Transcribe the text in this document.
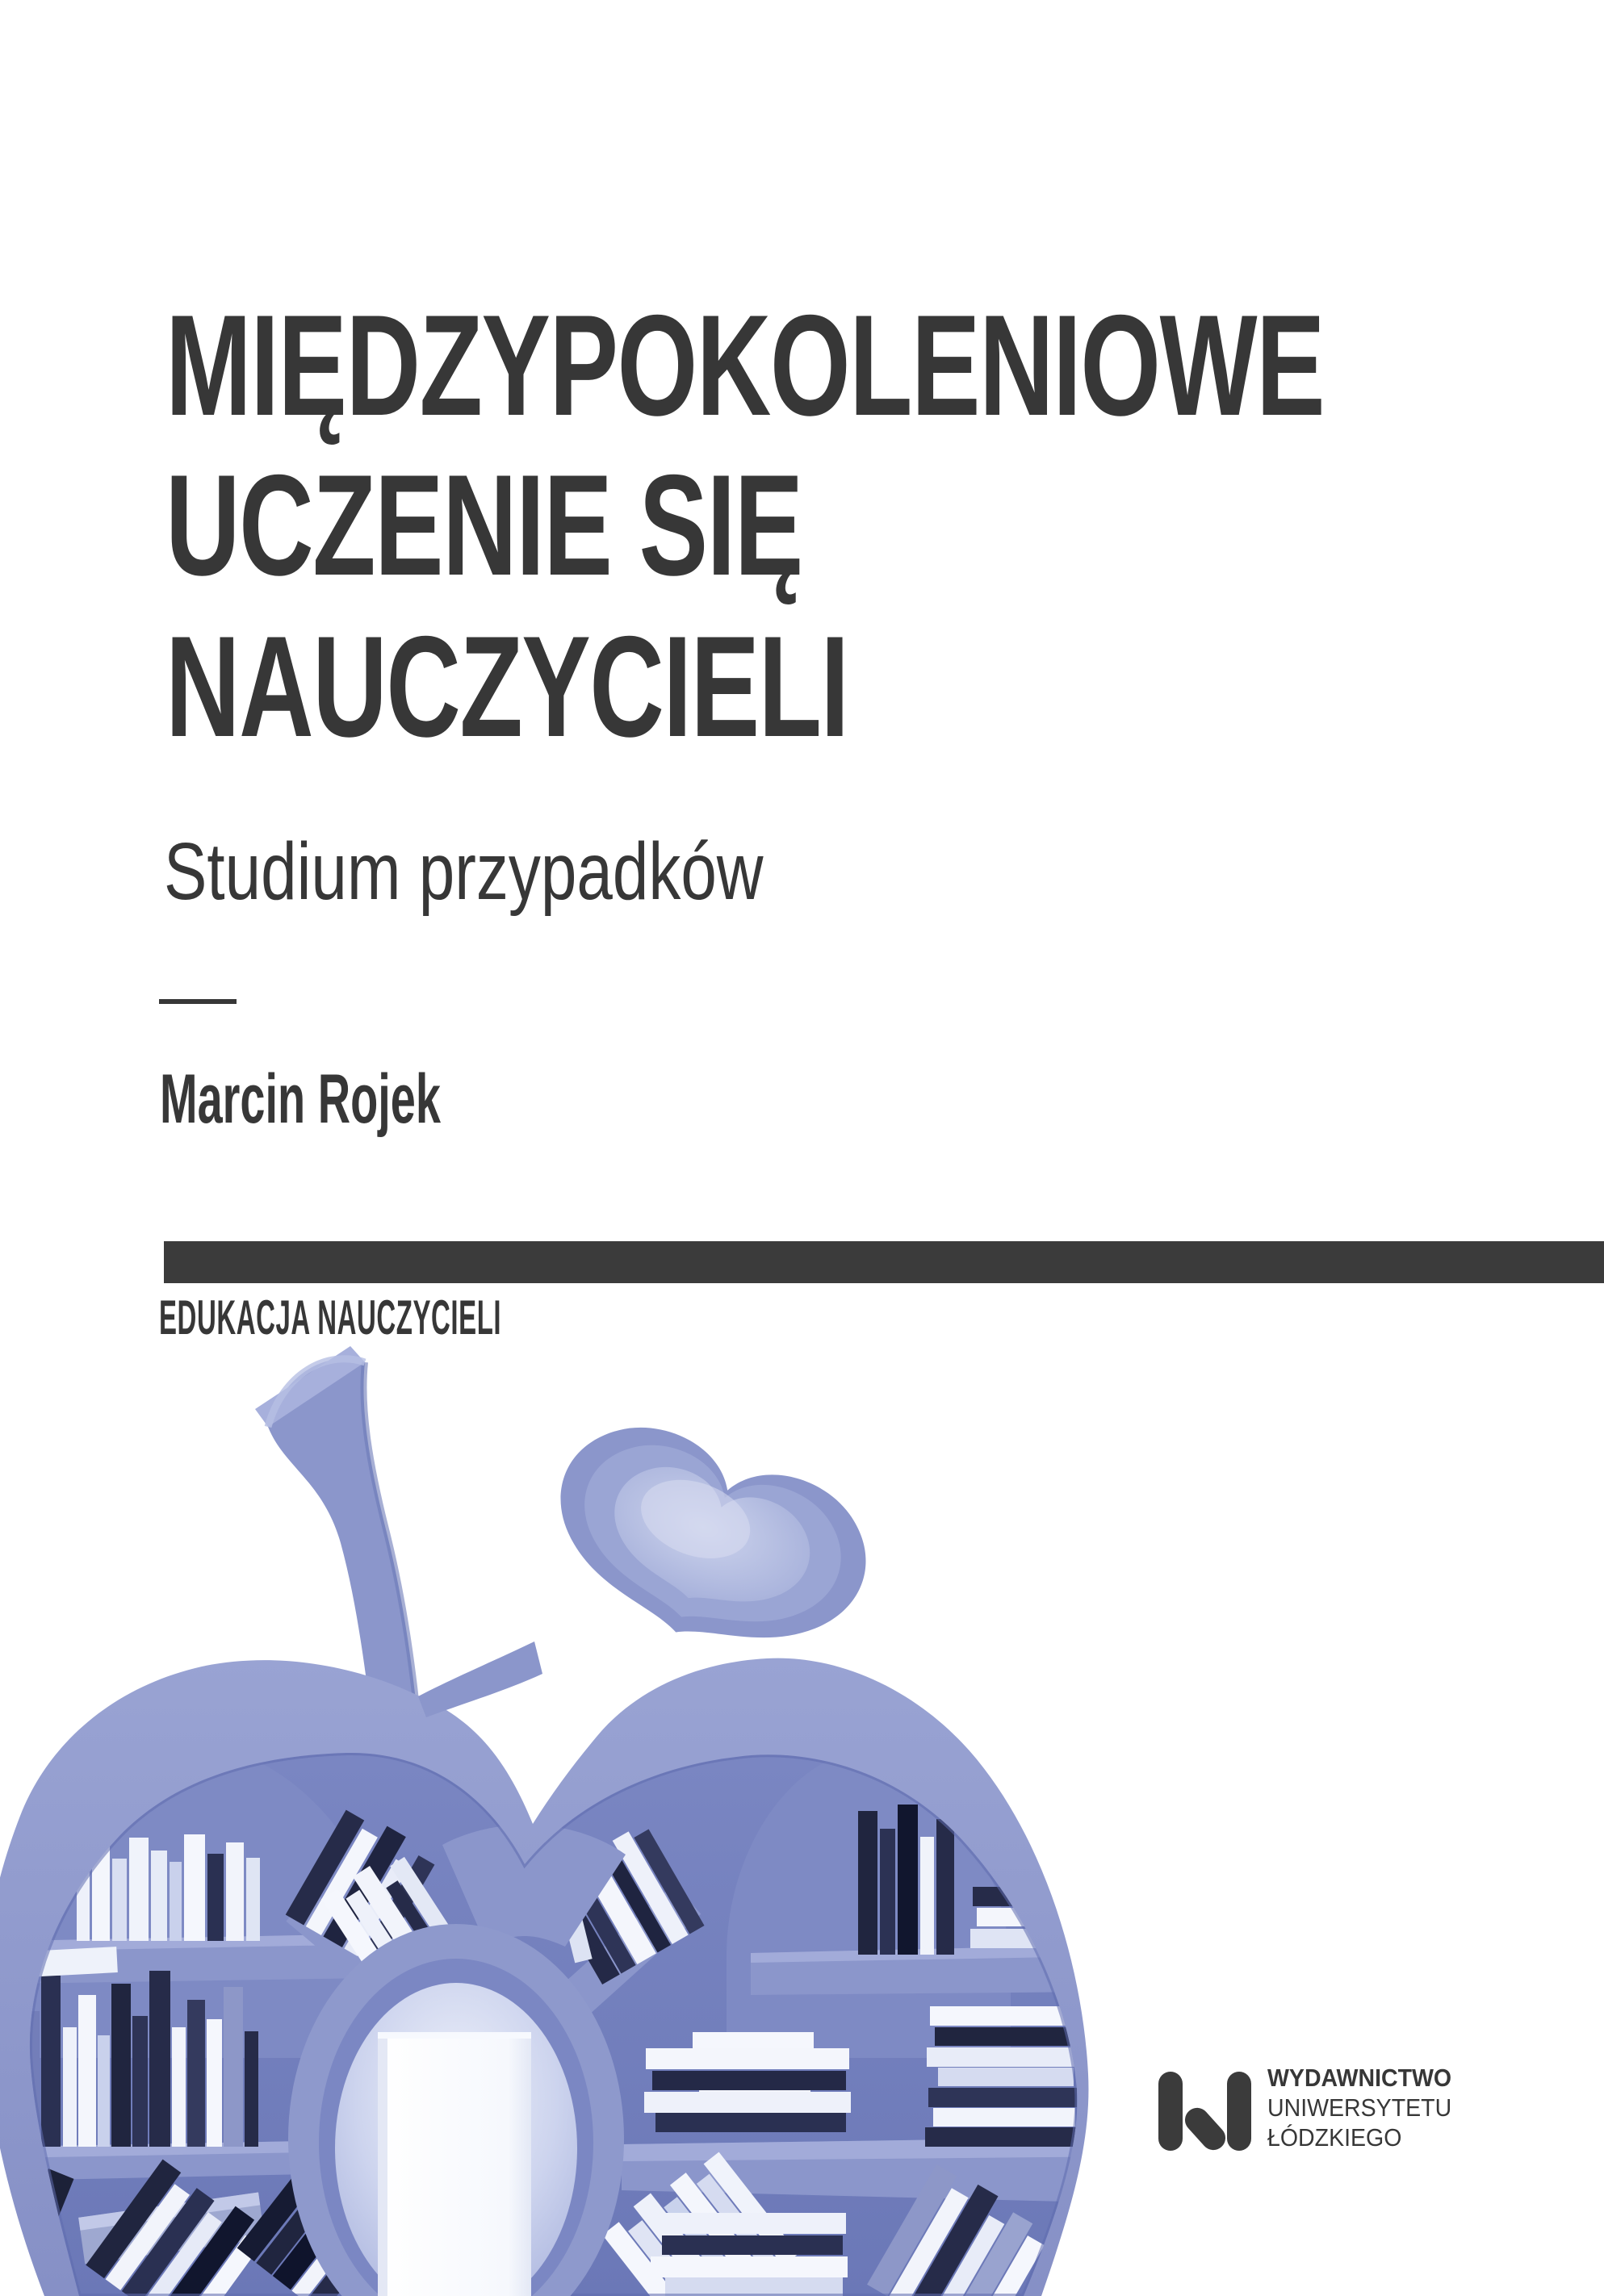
MIĘDZYPOKOLENIOWE
UCZENIE SIĘ
NAUCZYCIELI
Studium przypadków
Marcin Rojek
EDUKACJA NAUCZYCIELI
WYDAWNICTWO
UNIWERSYTETU
ŁÓDZKIEGO
